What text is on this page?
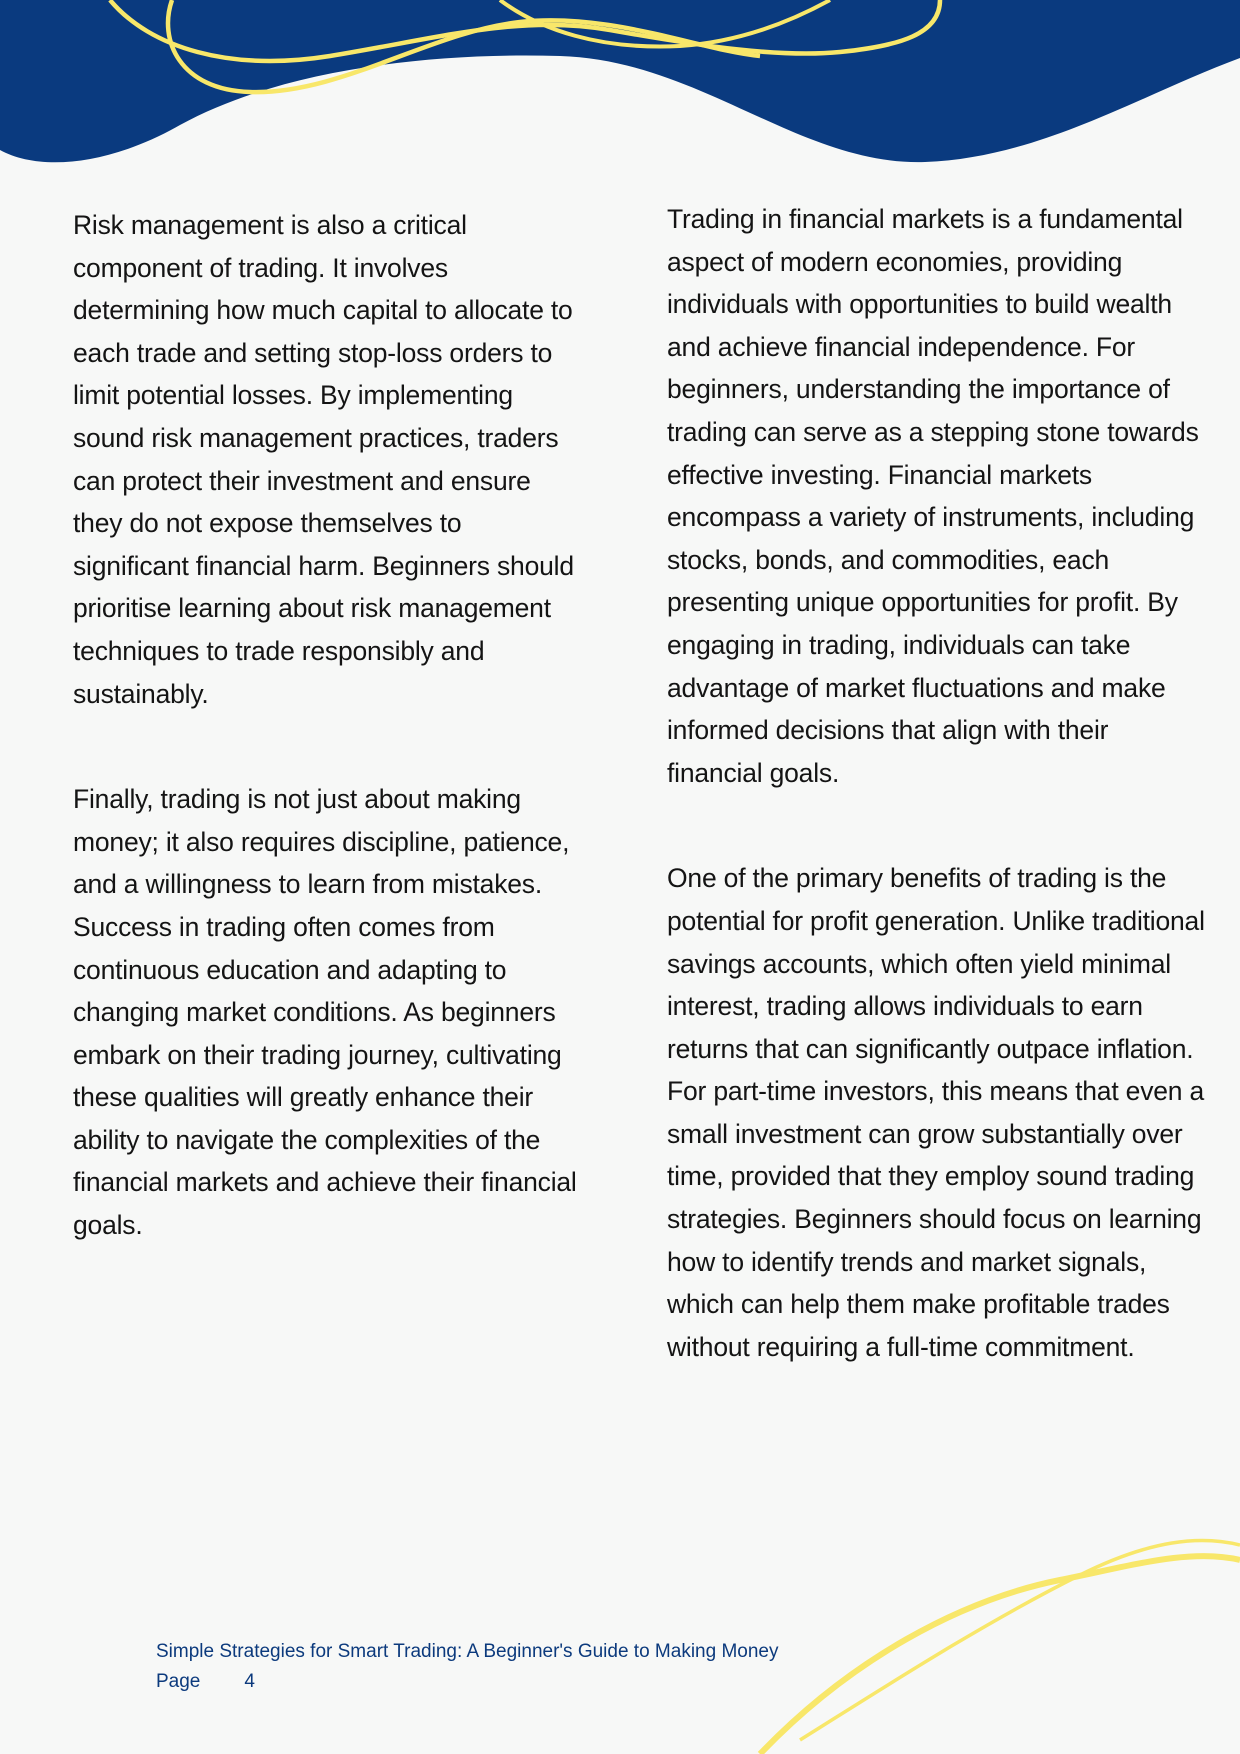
Risk management is also a critical component of trading. It involves determining how much capital to allocate to each trade and setting stop-loss orders to limit potential losses. By implementing sound risk management practices, traders can protect their investment and ensure they do not expose themselves to significant financial harm. Beginners should prioritise learning about risk management techniques to trade responsibly and sustainably.

Finally, trading is not just about making money; it also requires discipline, patience, and a willingness to learn from mistakes. Success in trading often comes from continuous education and adapting to changing market conditions. As beginners embark on their trading journey, cultivating these qualities will greatly enhance their ability to navigate the complexities of the financial markets and achieve their financial goals.

Trading in financial markets is a fundamental aspect of modern economies, providing individuals with opportunities to build wealth and achieve financial independence. For beginners, understanding the importance of trading can serve as a stepping stone towards effective investing. Financial markets encompass a variety of instruments, including stocks, bonds, and commodities, each presenting unique opportunities for profit. By engaging in trading, individuals can take advantage of market fluctuations and make informed decisions that align with their financial goals.

One of the primary benefits of trading is the potential for profit generation. Unlike traditional savings accounts, which often yield minimal interest, trading allows individuals to earn returns that can significantly outpace inflation. For part-time investors, this means that even a small investment can grow substantially over time, provided that they employ sound trading strategies. Beginners should focus on learning how to identify trends and market signals, which can help them make profitable trades without requiring a full-time commitment.

Simple Strategies for Smart Trading: A Beginner's Guide to Making Money
Page 4
